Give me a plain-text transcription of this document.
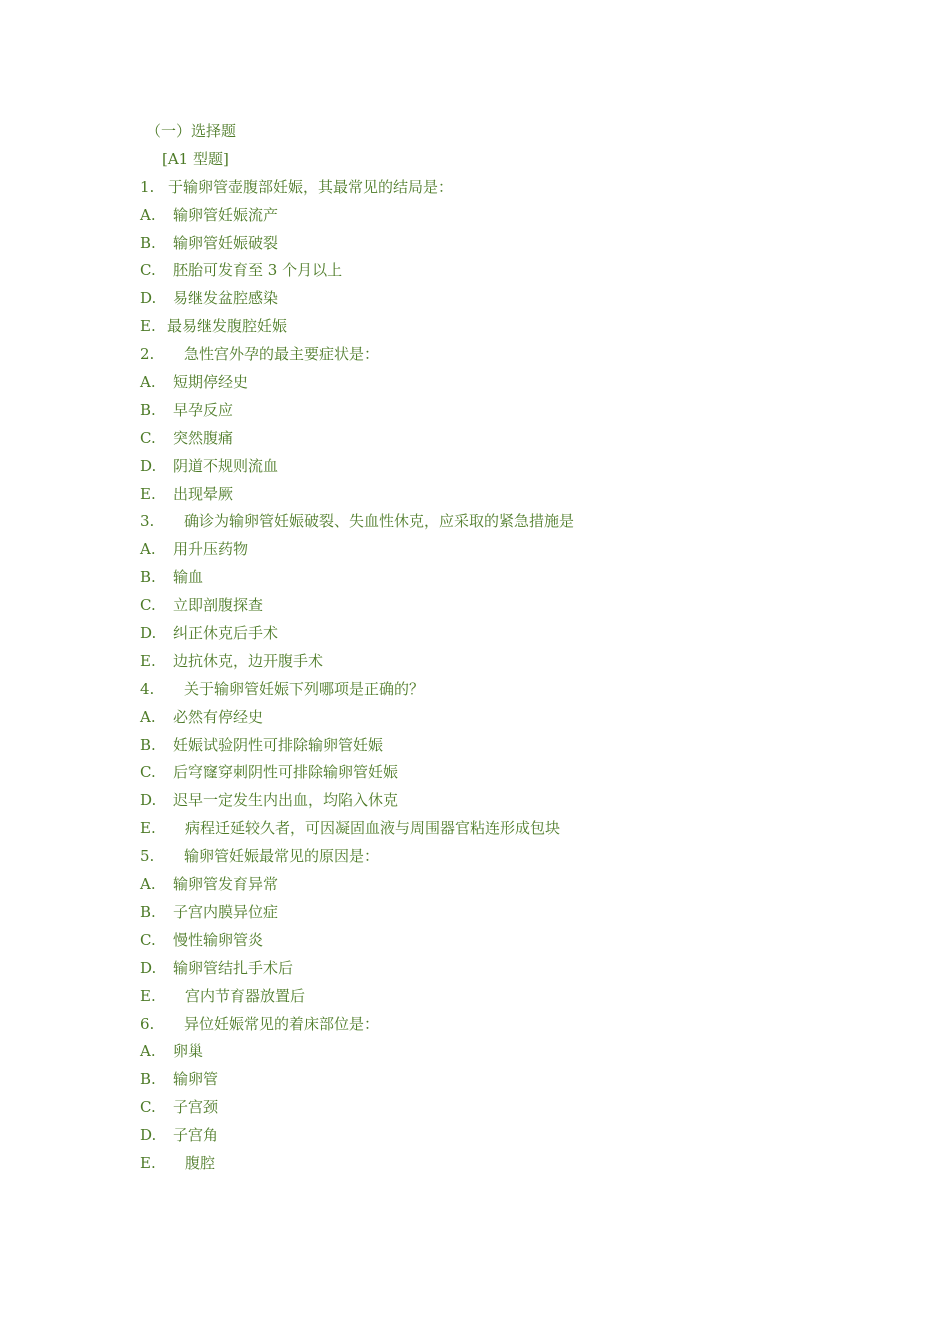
（一）选择题
[A1 型题]
1. 于输卵管壶腹部妊娠，其最常见的结局是：
A. 输卵管妊娠流产
B. 输卵管妊娠破裂
C. 胚胎可发育至 3 个月以上
D. 易继发盆腔感染
E. 最易继发腹腔妊娠
2. 急性宫外孕的最主要症状是：
A. 短期停经史
B. 早孕反应
C. 突然腹痛
D. 阴道不规则流血
E. 出现晕厥
3. 确诊为输卵管妊娠破裂、失血性休克，应采取的紧急措施是
A. 用升压药物
B. 输血
C. 立即剖腹探查
D. 纠正休克后手术
E. 边抗休克，边开腹手术
4. 关于输卵管妊娠下列哪项是正确的？
A. 必然有停经史
B. 妊娠试验阴性可排除输卵管妊娠
C. 后穹窿穿刺阴性可排除输卵管妊娠
D. 迟早一定发生内出血，均陷入休克
E. 病程迁延较久者，可因凝固血液与周围器官粘连形成包块
5. 输卵管妊娠最常见的原因是：
A. 输卵管发育异常
B. 子宫内膜异位症
C. 慢性输卵管炎
D. 输卵管结扎手术后
E. 宫内节育器放置后
6. 异位妊娠常见的着床部位是：
A. 卵巢
B. 输卵管
C. 子宫颈
D. 子宫角
E. 腹腔
